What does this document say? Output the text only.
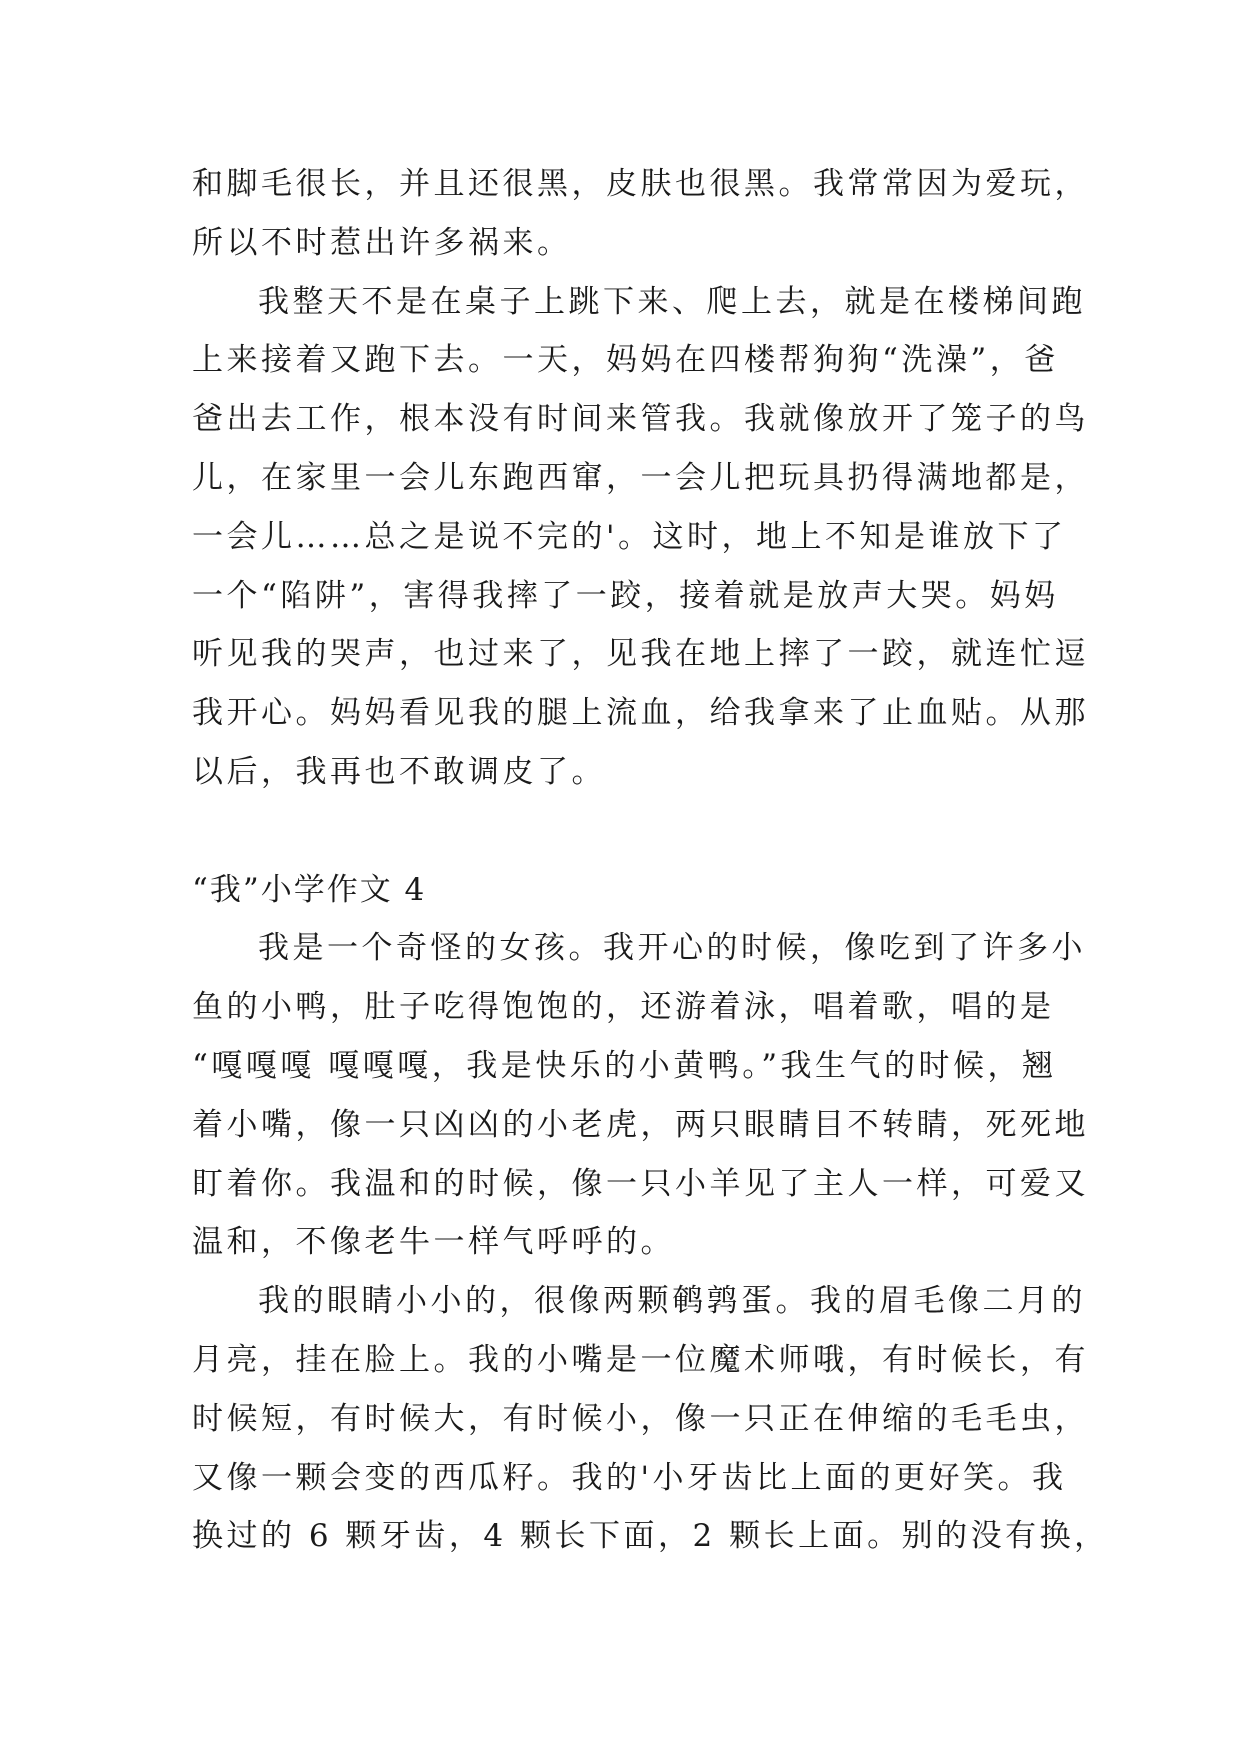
和脚毛很长，并且还很黑，皮肤也很黑。我常常因为爱玩，
所以不时惹出许多祸来。
我整天不是在桌子上跳下来、爬上去，就是在楼梯间跑
上来接着又跑下去。一天，妈妈在四楼帮狗狗“洗澡”，爸
爸出去工作，根本没有时间来管我。我就像放开了笼子的鸟
儿，在家里一会儿东跑西窜，一会儿把玩具扔得满地都是，
一会儿……总之是说不完的'。这时，地上不知是谁放下了
一个“陷阱”，害得我摔了一跤，接着就是放声大哭。妈妈
听见我的哭声，也过来了，见我在地上摔了一跤，就连忙逗
我开心。妈妈看见我的腿上流血，给我拿来了止血贴。从那
以后，我再也不敢调皮了。
“我”小学作文 4
我是一个奇怪的女孩。我开心的时候，像吃到了许多小
鱼的小鸭，肚子吃得饱饱的，还游着泳，唱着歌，唱的是
“嘎嘎嘎 嘎嘎嘎，我是快乐的小黄鸭。”我生气的时候，翘
着小嘴，像一只凶凶的小老虎，两只眼睛目不转睛，死死地
盯着你。我温和的时候，像一只小羊见了主人一样，可爱又
温和，不像老牛一样气呼呼的。
我的眼睛小小的，很像两颗鹌鹑蛋。我的眉毛像二月的
月亮，挂在脸上。我的小嘴是一位魔术师哦，有时候长，有
时候短，有时候大，有时候小，像一只正在伸缩的毛毛虫，
又像一颗会变的西瓜籽。我的'小牙齿比上面的更好笑。我
换过的 6 颗牙齿，4 颗长下面，2 颗长上面。别的没有换，
